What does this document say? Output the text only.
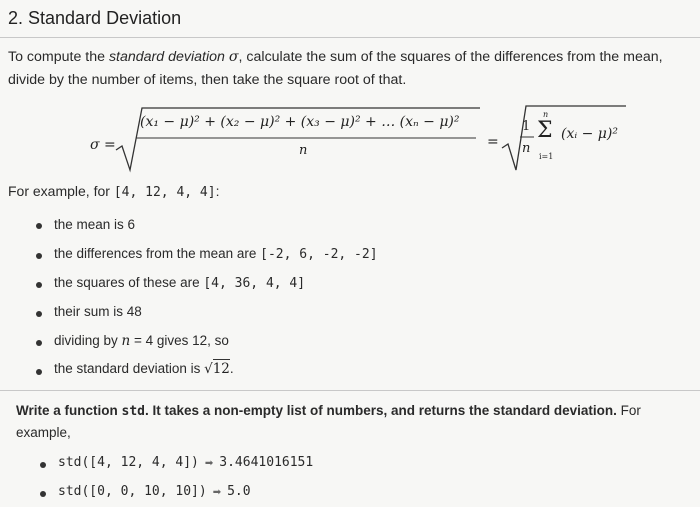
2. Standard Deviation
To compute the standard deviation σ, calculate the sum of the squares of the differences from the mean, divide by the number of items, then take the square root of that.
σ =
(x₁ − μ)² + (x₂ − μ)² + (x₃ − μ)² + … (xₙ − μ)²
n
=
1
n
n
Σ
i=1
(xᵢ − μ)²
For example, for [4, 12, 4, 4]:
the mean is 6
the differences from the mean are [-2, 6, -2, -2]
the squares of these are [4, 36, 4, 4]
their sum is 48
dividing by n = 4 gives 12, so
the standard deviation is √12.
Write a function std. It takes a non-empty list of numbers, and returns the standard deviation. For example,
std([4, 12, 4, 4]) ➡ 3.4641016151
std([0, 0, 10, 10]) ➡ 5.0
